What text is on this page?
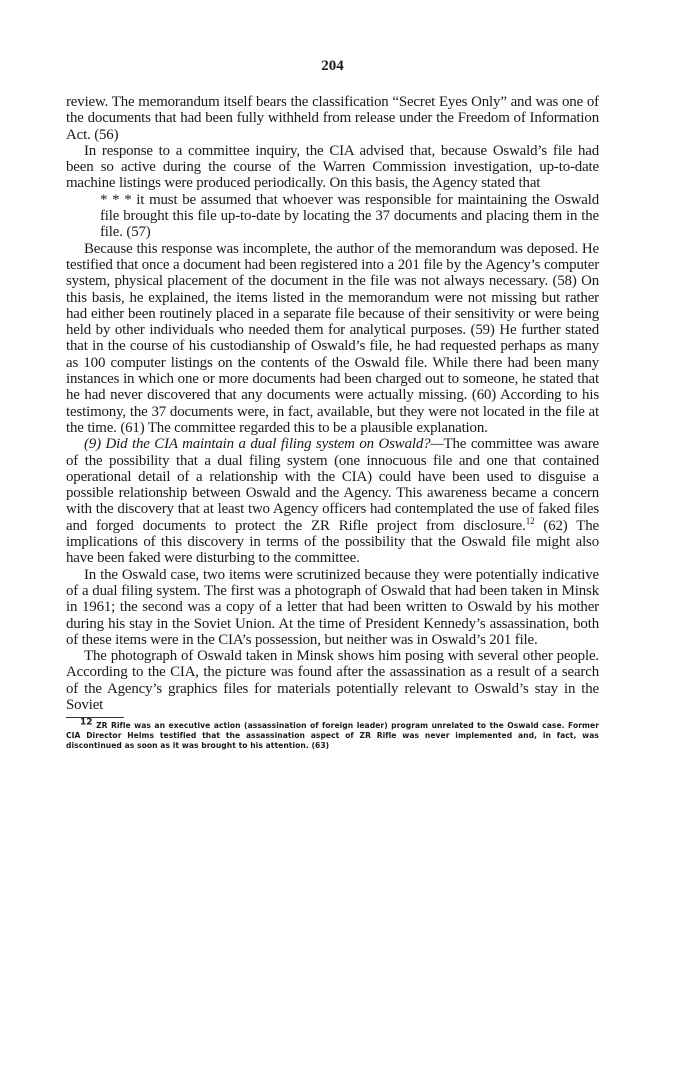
204

review. The memorandum itself bears the classification “Secret Eyes Only” and was one of the documents that had been fully withheld from release under the Freedom of Information Act. (56)

In response to a committee inquiry, the CIA advised that, because Oswald’s file had been so active during the course of the Warren Commission investigation, up-to-date machine listings were produced periodically. On this basis, the Agency stated that

* * * it must be assumed that whoever was responsible for maintaining the Oswald file brought this file up-to-date by locating the 37 documents and placing them in the file. (57)

Because this response was incomplete, the author of the memorandum was deposed. He testified that once a document had been registered into a 201 file by the Agency’s computer system, physical placement of the document in the file was not always necessary. (58) On this basis, he explained, the items listed in the memorandum were not missing but rather had either been routinely placed in a separate file because of their sensitivity or were being held by other individuals who needed them for analytical purposes. (59) He further stated that in the course of his custodianship of Oswald’s file, he had requested perhaps as many as 100 computer listings on the contents of the Oswald file. While there had been many instances in which one or more documents had been charged out to someone, he stated that he had never discovered that any documents were actually missing. (60) According to his testimony, the 37 documents were, in fact, available, but they were not located in the file at the time. (61) The committee regarded this to be a plausible explanation.

(9) Did the CIA maintain a dual filing system on Oswald?—The committee was aware of the possibility that a dual filing system (one innocuous file and one that contained operational detail of a relationship with the CIA) could have been used to disguise a possible relationship between Oswald and the Agency. This awareness became a concern with the discovery that at least two Agency officers had contemplated the use of faked files and forged documents to protect the ZR Rifle project from disclosure.$^{12}$ (62) The implications of this discovery in terms of the possibility that the Oswald file might also have been faked were disturbing to the committee.

In the Oswald case, two items were scrutinized because they were potentially indicative of a dual filing system. The first was a photograph of Oswald that had been taken in Minsk in 1961; the second was a copy of a letter that had been written to Oswald by his mother during his stay in the Soviet Union. At the time of President Kennedy’s assassination, both of these items were in the CIA’s possession, but neither was in Oswald’s 201 file.

The photograph of Oswald taken in Minsk shows him posing with several other people. According to the CIA, the picture was found after the assassination as a result of a search of the Agency’s graphics files for materials potentially relevant to Oswald’s stay in the Soviet

$^{12}$ ZR Rifle was an executive action (assassination of foreign leader) program unrelated to the Oswald case. Former CIA Director Helms testified that the assassination aspect of ZR Rifle was never implemented and, in fact, was discontinued as soon as it was brought to his attention. (63)
